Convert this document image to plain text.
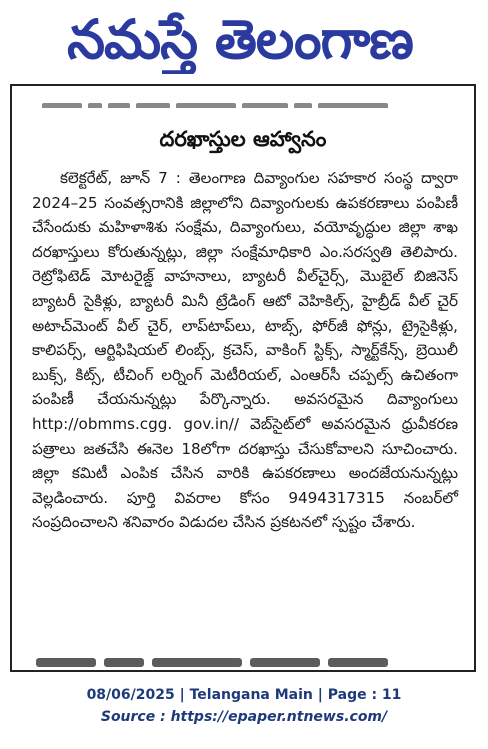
నమస్తే తెలంగాణ
దరఖాస్తుల ఆహ్వానం

కలెక్టరేట్, జూన్ 7 : తెలంగాణ దివ్యాంగుల సహకార సంస్థ ద్వారా 2024–25 సంవత్సరానికి జిల్లాలోని దివ్యాంగులకు ఉపకరణాలు పంపిణీ చేసేందుకు మహిళాశిశు సంక్షేమ, దివ్యాంగులు, వయోవృద్ధుల జిల్లా శాఖ దరఖాస్తులు కోరుతున్నట్లు, జిల్లా సంక్షేమాధికారి ఎం.సరస్వతి తెలిపారు. రెట్రోఫిటెడ్ మోటరైజ్డ్ వాహనాలు, బ్యాటరీ వీల్‌చైర్స్, మొబైల్ బిజినెస్ బ్యాటరీ సైకిళ్లు, బ్యాటరీ మినీ ట్రేడింగ్ ఆటో వెహికిల్స్, హైబ్రీడ్ వీల్ చైర్ అటాచ్‌మెంట్ వీల్ చైర్, లాప్‌టాప్‌లు, టాబ్స్, ఫోర్‌జీ ఫోన్లు, ట్రైసైకిళ్లు, కాలిపర్స్, ఆర్టిఫిషియల్ లింబ్స్, క్రచెస్, వాకింగ్ స్టిక్స్, స్మార్ట్‌కేన్స్, బ్రెయిలీ బుక్స్, కిట్స్, టీచింగ్ లర్నింగ్ మెటీరియల్, ఎంఆర్‌సీ చప్పల్స్ ఉచితంగా పంపిణీ చేయనున్నట్లు పేర్కొన్నారు. అవసరమైన దివ్యాంగులు http://obmms.cgg. gov.in// వెబ్‌సైట్‌లో అవసరమైన ధ్రువీకరణ పత్రాలు జతచేసి ఈనెల 18లోగా దరఖాస్తు చేసుకోవాలని సూచించారు. జిల్లా కమిటీ ఎంపిక చేసిన వారికి ఉపకరణాలు అందజేయనున్నట్లు వెల్లడించారు. పూర్తి వివరాల కోసం 9494317315 నంబర్‌లో సంప్రదించాలని శనివారం విడుదల చేసిన ప్రకటనలో స్పష్టం చేశారు.

08/06/2025 | Telangana Main | Page : 11
Source : https://epaper.ntnews.com/
